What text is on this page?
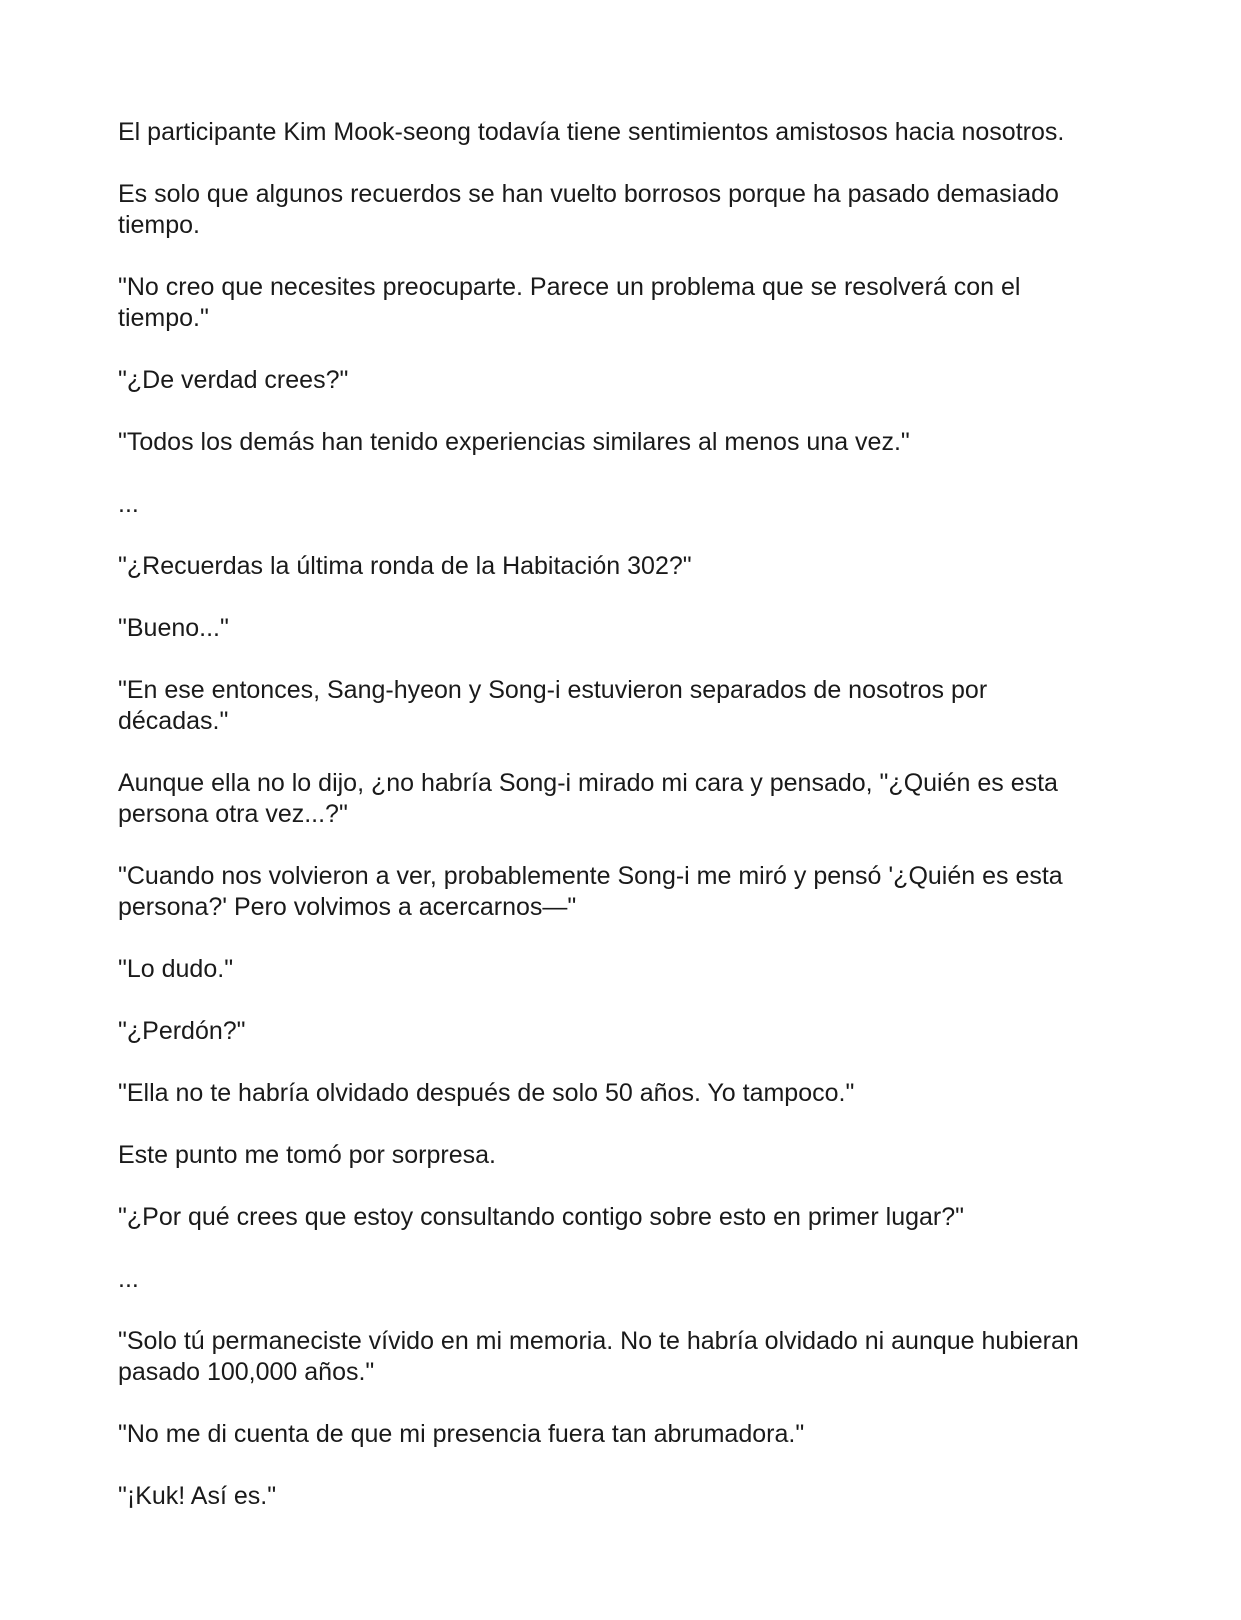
El participante Kim Mook-seong todavía tiene sentimientos amistosos hacia nosotros.

Es solo que algunos recuerdos se han vuelto borrosos porque ha pasado demasiado tiempo.

"No creo que necesites preocuparte. Parece un problema que se resolverá con el tiempo."

"¿De verdad crees?"

"Todos los demás han tenido experiencias similares al menos una vez."

...

"¿Recuerdas la última ronda de la Habitación 302?"

"Bueno..."

"En ese entonces, Sang-hyeon y Song-i estuvieron separados de nosotros por décadas."

Aunque ella no lo dijo, ¿no habría Song-i mirado mi cara y pensado, "¿Quién es esta persona otra vez...?"

"Cuando nos volvieron a ver, probablemente Song-i me miró y pensó '¿Quién es esta persona?' Pero volvimos a acercarnos—"

"Lo dudo."

"¿Perdón?"

"Ella no te habría olvidado después de solo 50 años. Yo tampoco."

Este punto me tomó por sorpresa.

"¿Por qué crees que estoy consultando contigo sobre esto en primer lugar?"

...

"Solo tú permaneciste vívido en mi memoria. No te habría olvidado ni aunque hubieran pasado 100,000 años."

"No me di cuenta de que mi presencia fuera tan abrumadora."

"¡Kuk! Así es."
